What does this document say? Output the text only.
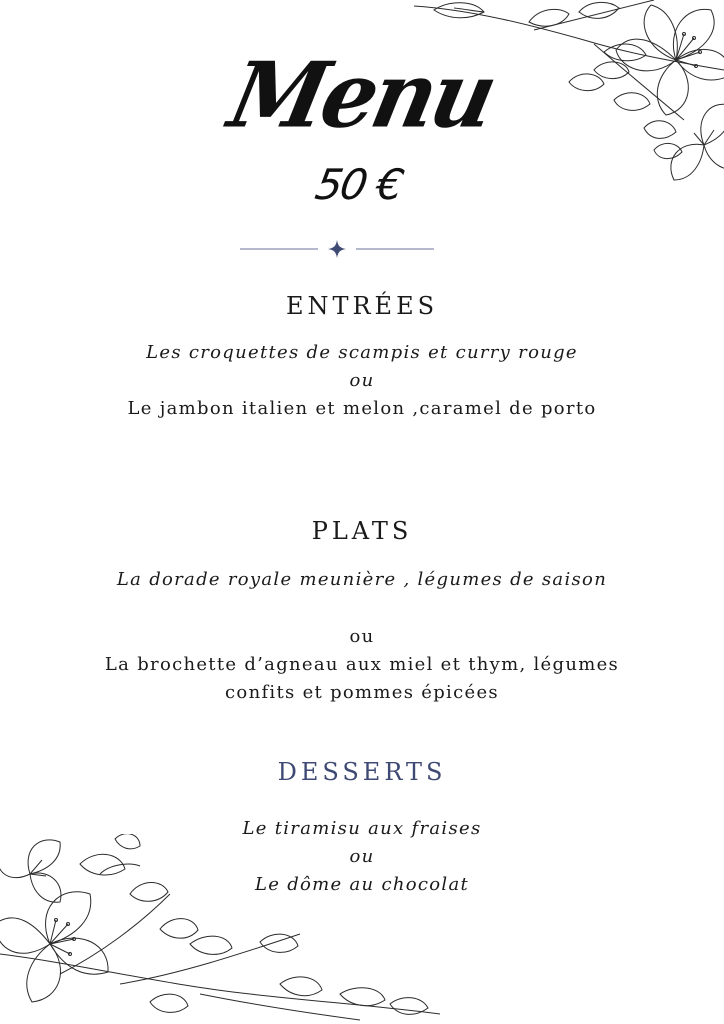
Menu
50 €
ENTRÉES
Les croquettes de scampis et curry rouge
ou
Le jambon italien et melon ,caramel de porto
PLATS
La dorade royale meunière , légumes de saison
ou
La brochette d’agneau aux miel et thym, légumes
confits et pommes épicées
DESSERTS
Le tiramisu aux fraises
ou
Le dôme au chocolat
